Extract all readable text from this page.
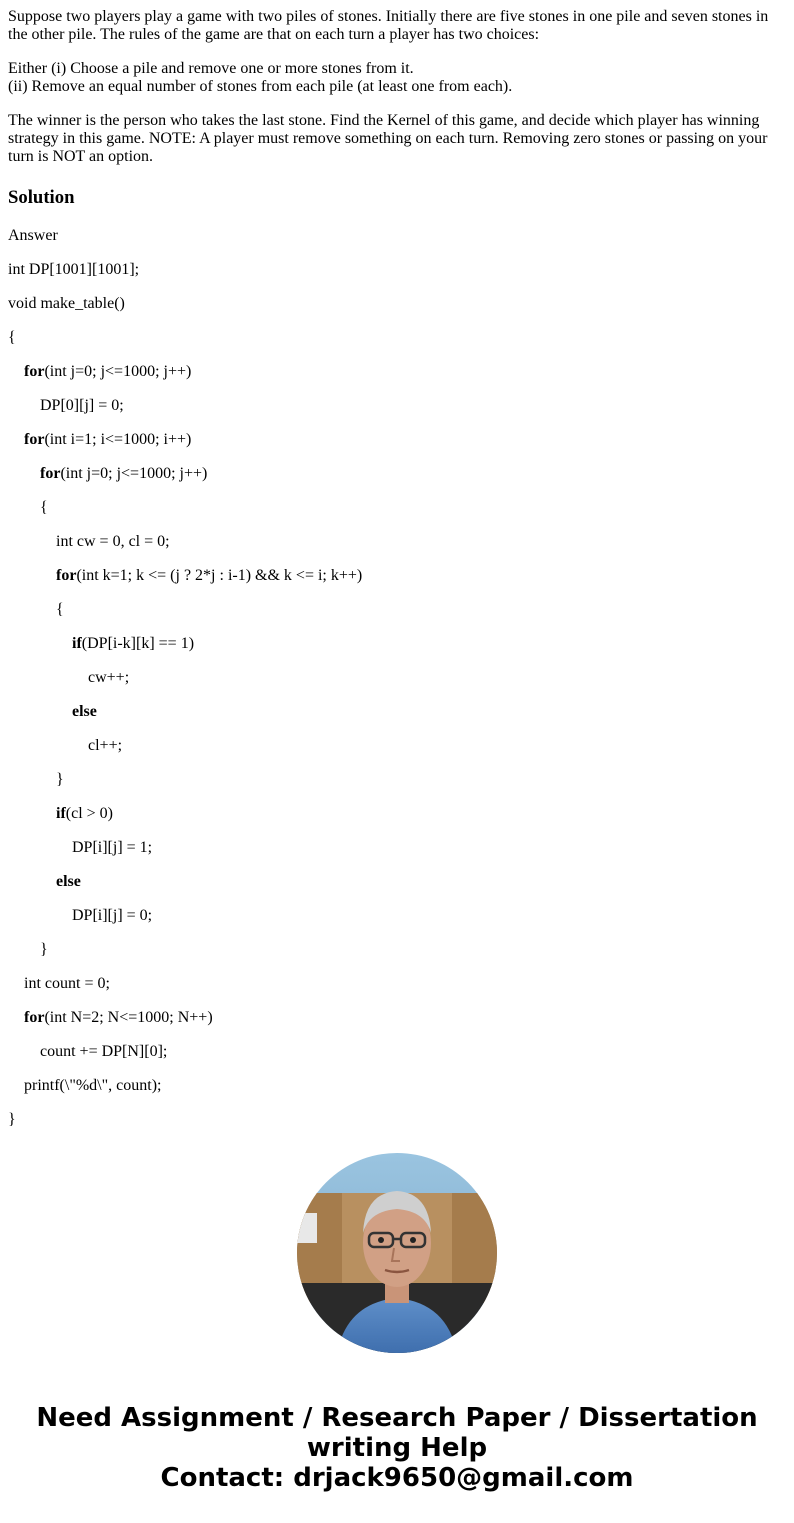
Suppose two players play a game with two piles of stones. Initially there are five stones in one pile and seven stones in the other pile. The rules of the game are that on each turn a player has two choices:

Either (i) Choose a pile and remove one or more stones from it.
(ii) Remove an equal number of stones from each pile (at least one from each).

The winner is the person who takes the last stone. Find the Kernel of this game, and decide which player has winning strategy in this game. NOTE: A player must remove something on each turn. Removing zero stones or passing on your turn is NOT an option.

Solution

Answer

int DP[1001][1001];

void make_table()

{

for(int j=0; j<=1000; j++)

DP[0][j] = 0;

for(int i=1; i<=1000; i++)

for(int j=0; j<=1000; j++)

{

int cw = 0, cl = 0;

for(int k=1; k <= (j ? 2*j : i-1) && k <= i; k++)

{

if(DP[i-k][k] == 1)

cw++;

else

cl++;

}

if(cl > 0)

DP[i][j] = 1;

else

DP[i][j] = 0;

}

int count = 0;

for(int N=2; N<=1000; N++)

count += DP[N][0];

printf(\"%d\", count);

}

Need Assignment / Research Paper / Dissertation
writing Help
Contact: drjack9650@gmail.com
